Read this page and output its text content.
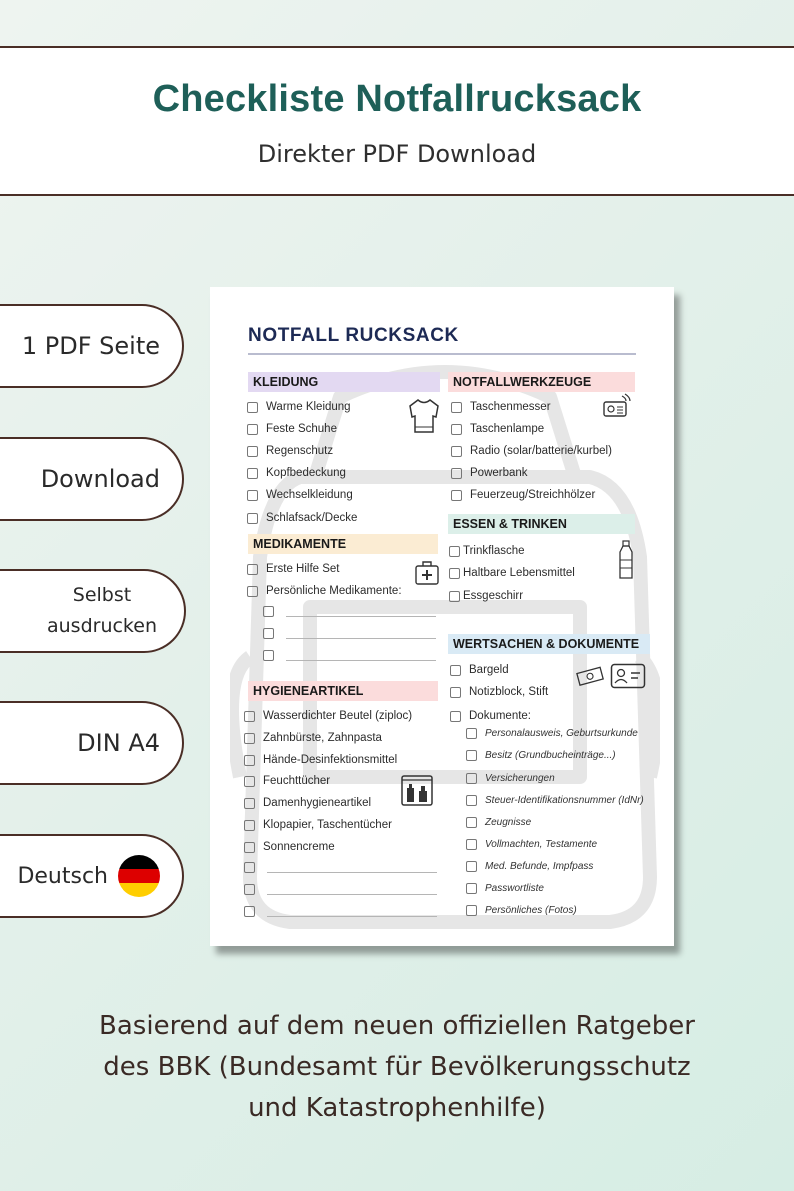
Checkliste Notfallrucksack
Direkter PDF Download
1 PDF Seite
Download
Selbst ausdrucken
DIN A4
Deutsch
NOTFALL RUCKSACK
KLEIDUNG
Warme Kleidung
Feste Schuhe
Regenschutz
Kopfbedeckung
Wechselkleidung
Schlafsack/Decke
MEDIKAMENTE
Erste Hilfe Set
Persönliche Medikamente:
HYGIENEARTIKEL
Wasserdichter Beutel (ziploc)
Zahnbürste, Zahnpasta
Hände-Desinfektionsmittel
Feuchttücher
Damenhygieneartikel
Klopapier, Taschentücher
Sonnencreme
NOTFALLWERKZEUGE
Taschenmesser
Taschenlampe
Radio (solar/batterie/kurbel)
Powerbank
Feuerzeug/Streichhölzer
ESSEN & TRINKEN
Trinkflasche
Haltbare Lebensmittel
Essgeschirr
WERTSACHEN & DOKUMENTE
Bargeld
Notizblock, Stift
Dokumente:
Personalausweis, Geburtsurkunde
Besitz (Grundbucheinträge...)
Versicherungen
Steuer-Identifikationsnummer (IdNr)
Zeugnisse
Vollmachten, Testamente
Med. Befunde, Impfpass
Passwortliste
Persönliches (Fotos)
Basierend auf dem neuen offiziellen Ratgeber
des BBK (Bundesamt für Bevölkerungsschutz
und Katastrophenhilfe)
